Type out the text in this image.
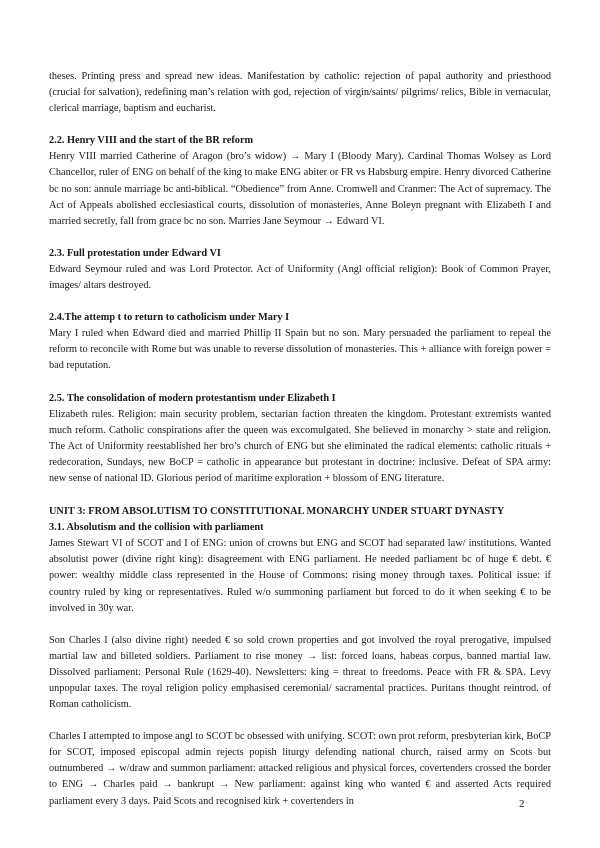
theses. Printing press and spread new ideas. Manifestation by catholic: rejection of papal authority and priesthood (crucial for salvation), redefining man’s relation with god, rejection of virgin/saints/ pilgrims/ relics, Bible in vernacular, clerical marriage, baptism and eucharist.

2.2. Henry VIII and the start of the BR reform

Henry VIII married Catherine of Aragon (bro’s widow) → Mary I (Bloody Mary). Cardinal Thomas Wolsey as Lord Chancellor, ruler of ENG on behalf of the king to make ENG abiter or FR vs Habsburg empire. Henry divorced Catherine bc no son: annule marriage bc anti-biblical. “Obedience” from Anne. Cromwell and Cranmer: The Act of supremacy. The Act of Appeals abolished ecclesiastical courts, dissolution of monasteries, Anne Boleyn pregnant with Elizabeth I and married secretly, fall from grace bc no son. Marries Jane Seymour → Edward VI.

2.3. Full protestation under Edward VI

Edward Seymour ruled and was Lord Protector. Act of Uniformity (Angl official religion): Book of Common Prayer, images/ altars destroyed.

2.4.The attemp t to return to catholicism under Mary I

Mary I ruled when Edward died and married Phillip II Spain but no son. Mary persuaded the parliament to repeal the reform to reconcile with Rome but was unable to reverse dissolution of monasteries. This + alliance with foreign power = bad reputation.

2.5. The consolidation of modern protestantism under Elizabeth I

Elizabeth rules. Religion: main security problem, sectarian faction threaten the kingdom. Protestant extremists wanted much reform. Catholic conspirations after the queen was excomulgated. She believed in monarchy > state and religion. The Act of Uniformity reestablished her bro’s church of ENG but she eliminated the radical elements: catholic rituals + redecoration, Sundays, new BoCP = catholic in appearance but protestant in doctrine: inclusive. Defeat of SPA army: new sense of national ID. Glorious period of maritime exploration + blossom of ENG literature.

UNIT 3: FROM ABSOLUTISM TO CONSTITUTIONAL MONARCHY UNDER STUART DYNASTY
3.1. Absolutism and the collision with parliament

James Stewart VI of SCOT and I of ENG: union of crowns but ENG and SCOT had separated law/ institutions. Wanted absolutist power (divine right king): disagreement with ENG parliament. He needed parliament bc of huge € debt. € power: wealthy middle class represented in the House of Commons: rising money through taxes. Political issue: if country ruled by king or representatives. Ruled w/o summoning parliament but forced to do it when seeking € to be involved in 30y war.

Son Charles I (also divine right) needed € so sold crown properties and got involved the royal prerogative, impulsed martial law and billeted soldiers. Parliament to rise money → list: forced loans, habeas corpus, banned martial law. Dissolved parliament: Personal Rule (1629-40). Newsletters: king = threat to freedoms. Peace with FR & SPA. Levy unpopular taxes. The royal religion policy emphasised ceremonial/ sacramental practices. Puritans thought reintrod. of Roman catholicism.

Charles I attempted to impose angl to SCOT bc obsessed with unifying. SCOT: own prot reform, presbyterian kirk, BoCP for SCOT, imposed episcopal admin rejects popish liturgy defending national church, raised army on Scots but outnumbered → w/draw and summon parliament: attacked religious and physical forces, covertenders crossed the border to ENG → Charles paid → bankrupt → New parliament: against king who wanted € and asserted Acts required parliament every 3 days. Paid Scots and recognised kirk + covertenders in	2
